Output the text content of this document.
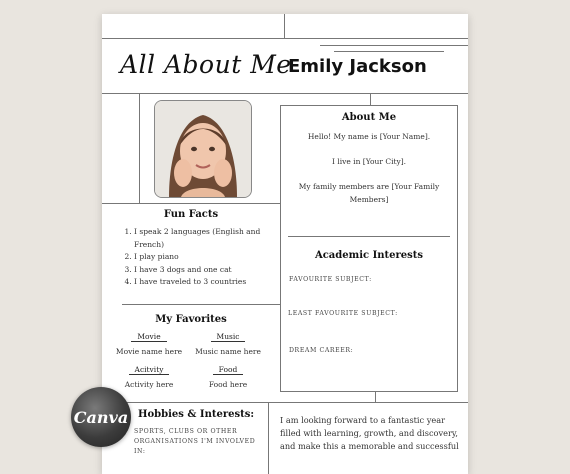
All About Me
Emily Jackson
About Me
Hello! My name is [Your Name].
I live in [Your City].
My family members are [Your Family
Members]
Academic Interests
FAVOURITE SUBJECT:
LEAST FAVOURITE SUBJECT:
DREAM CAREER:
Fun Facts
1. I speak 2 languages (English and French)
2. I play piano
3. I have 3 dogs and one cat
4. I have traveled to 3 countries
My Favorites
Movie	Music
Movie name here	Music name here
Acitvity	Food
Activity here	Food here
Hobbies & Interests:
SPORTS, CLUBS OR OTHER
ORGANISATIONS I'M INVOLVED
IN:
I am looking forward to a fantastic year
filled with learning, growth, and discovery,
and make this a memorable and successful
Canva
